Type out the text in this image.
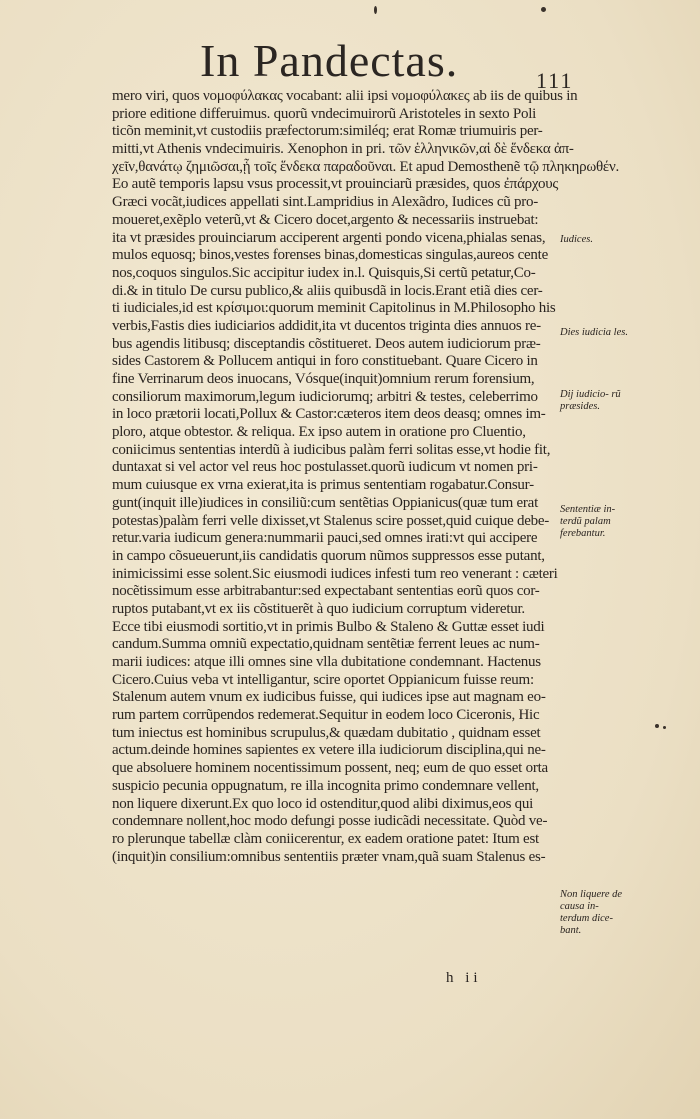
In Pandectas.	111
mero viri, quos νομοφύλακας vocabant: alii ipsi νομοφύλακες ab iis de quibus in
priore editione differuimus. quorũ vndecimuirorũ Aristoteles in sexto Poli
ticõn meminit,vt custodiis præfectorum:similéq; erat Romæ triumuiris per-
mitti,vt Athenis vndecimuiris. Xenophon in pri. τῶν ἑλληνικῶν,αἱ δὲ ἕνδεκα ἀπ-
χεῖν,θανάτῳ ζημιῶσαι,ᾗ τοῖς ἕνδεκα παραδοῦναι. Et apud Demosthenẽ τῷ πληκηρωθέν.
Eo autẽ temporis lapsu vsus processit,vt prouinciarũ præsides, quos ἐπάρχους
Græci vocãt,iudices appellati sint.Lampridius in Alexãdro, Iudices cũ pro-
moueret,exẽplo veterũ,vt & Cicero docet,argento & necessariis instruebat:
ita vt præsides prouinciarum acciperent argenti pondo vicena,phialas senas,
mulos equosq; binos,vestes forenses binas,domesticas singulas,aureos cente
nos,coquos singulos.Sic accipitur iudex in.l. Quisquis,Si certũ petatur,Co-
di.& in titulo De cursu publico,& aliis quibusdã in locis.Erant etiã dies cer-
ti iudiciales,id est κρίσιμοι:quorum meminit Capitolinus in M.Philosopho his
verbis,Fastis dies iudiciarios addidit,ita vt ducentos triginta dies annuos re-
bus agendis litibusq; disceptandis cõstitueret. Deos autem iudiciorum præ-
sides Castorem & Pollucem antiqui in foro constituebant. Quare Cicero in
fine Verrinarum deos inuocans, Vósque(inquit)omnium rerum forensium,
consiliorum maximorum,legum iudiciorumq; arbitri & testes, celeberrimo
in loco prætorii locati,Pollux & Castor:cæteros item deos deasq; omnes im-
ploro, atque obtestor. & reliqua. Ex ipso autem in oratione pro Cluentio,
coniicimus sententias interdũ à iudicibus palàm ferri solitas esse,vt hodie fit,
duntaxat si vel actor vel reus hoc postulasset.quorũ iudicum vt nomen pri-
mum cuiusque ex vrna exierat,ita is primus sententiam rogabatur.Consur-
gunt(inquit ille)iudices in consiliũ:cum sentẽtias Oppianicus(quæ tum erat
potestas)palàm ferri velle dixisset,vt Stalenus scire posset,quid cuique debe-
retur.varia iudicum genera:nummarii pauci,sed omnes irati:vt qui accipere
in campo cõsueuerunt,iis candidatis quorum nũmos suppressos esse putant,
inimicissimi esse solent.Sic eiusmodi iudices infesti tum reo venerant : cæteri
nocẽtissimum esse arbitrabantur:sed expectabant sententias eorũ quos cor-
ruptos putabant,vt ex iis cõstituerẽt à quo iudicium corruptum videretur.
Ecce tibi eiusmodi sortitio,vt in primis Bulbo & Staleno & Guttæ esset iudi
candum.Summa omniũ expectatio,quidnam sentẽtiæ ferrent leues ac num-
marii iudices: atque illi omnes sine vlla dubitatione condemnant. Hactenus
Cicero.Cuius veba vt intelligantur, scire oportet Oppianicum fuisse reum:
Stalenum autem vnum ex iudicibus fuisse, qui iudices ipse aut magnam eo-
rum partem corrũpendos redemerat.Sequitur in eodem loco Ciceronis, Hic
tum iniectus est hominibus scrupulus,& quædam dubitatio , quidnam esset
actum.deinde homines sapientes ex vetere illa iudiciorum disciplina,qui ne-
que absoluere hominem nocentissimum possent, neq; eum de quo esset orta
suspicio pecunia oppugnatum, re illa incognita primo condemnare vellent,
non liquere dixerunt.Ex quo loco id ostenditur,quod alibi diximus,eos qui
condemnare nollent,hoc modo defungi posse iudicãdi necessitate. Quòd ve-
ro plerunque tabellæ clàm coniicerentur, ex eadem oratione patet: Itum est
(inquit)in consilium:omnibus sententiis præter vnam,quã suam Stalenus es-
Iudices.
Dies iudicia les.
Dij iudicio- rũ præsides.
Sententiæ in- terdũ palam ferebantur.
Non liquere de causa in- terdum dice- bant.
h ii
